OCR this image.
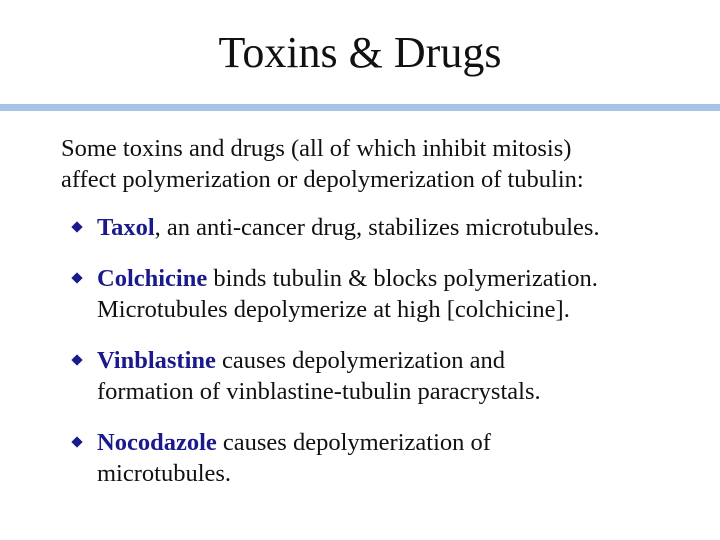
Toxins & Drugs
Some toxins and drugs (all of which inhibit mitosis)
affect polymerization or depolymerization of tubulin:
Taxol, an anti-cancer drug, stabilizes microtubules.
Colchicine binds tubulin & blocks polymerization.
Microtubules depolymerize at high [colchicine].
Vinblastine causes depolymerization and
formation of vinblastine-tubulin paracrystals.
Nocodazole causes depolymerization of
microtubules.
